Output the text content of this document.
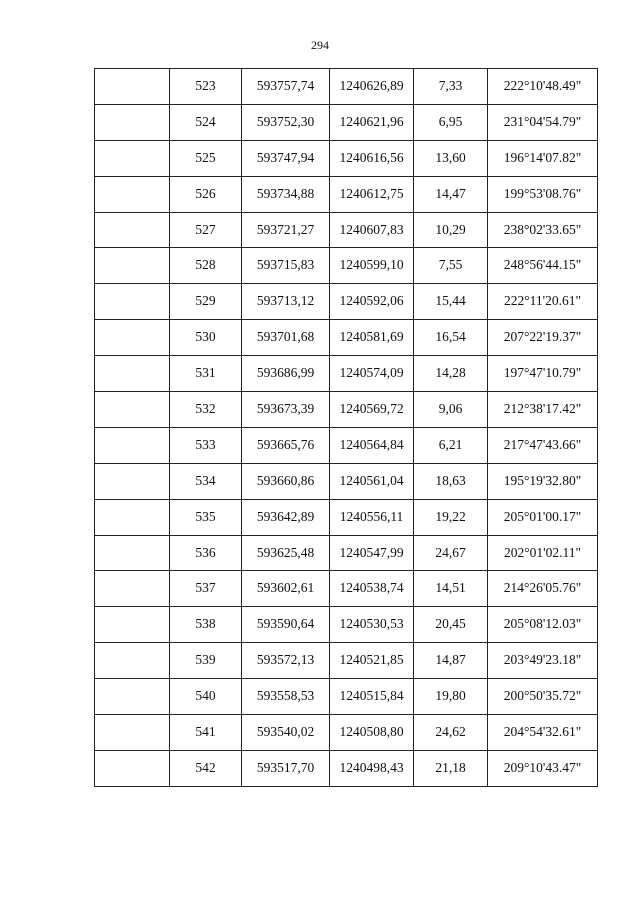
294

	523	593757,74	1240626,89	7,33	222°10'48.49"

	524	593752,30	1240621,96	6,95	231°04'54.79"

	525	593747,94	1240616,56	13,60	196°14'07.82"

	526	593734,88	1240612,75	14,47	199°53'08.76"

	527	593721,27	1240607,83	10,29	238°02'33.65"

	528	593715,83	1240599,10	7,55	248°56'44.15"

	529	593713,12	1240592,06	15,44	222°11'20.61"

	530	593701,68	1240581,69	16,54	207°22'19.37"

	531	593686,99	1240574,09	14,28	197°47'10.79"

	532	593673,39	1240569,72	9,06	212°38'17.42"

	533	593665,76	1240564,84	6,21	217°47'43.66"

	534	593660,86	1240561,04	18,63	195°19'32.80"

	535	593642,89	1240556,11	19,22	205°01'00.17"

	536	593625,48	1240547,99	24,67	202°01'02.11"

	537	593602,61	1240538,74	14,51	214°26'05.76"

	538	593590,64	1240530,53	20,45	205°08'12.03"

	539	593572,13	1240521,85	14,87	203°49'23.18"

	540	593558,53	1240515,84	19,80	200°50'35.72"

	541	593540,02	1240508,80	24,62	204°54'32.61"

	542	593517,70	1240498,43	21,18	209°10'43.47"
